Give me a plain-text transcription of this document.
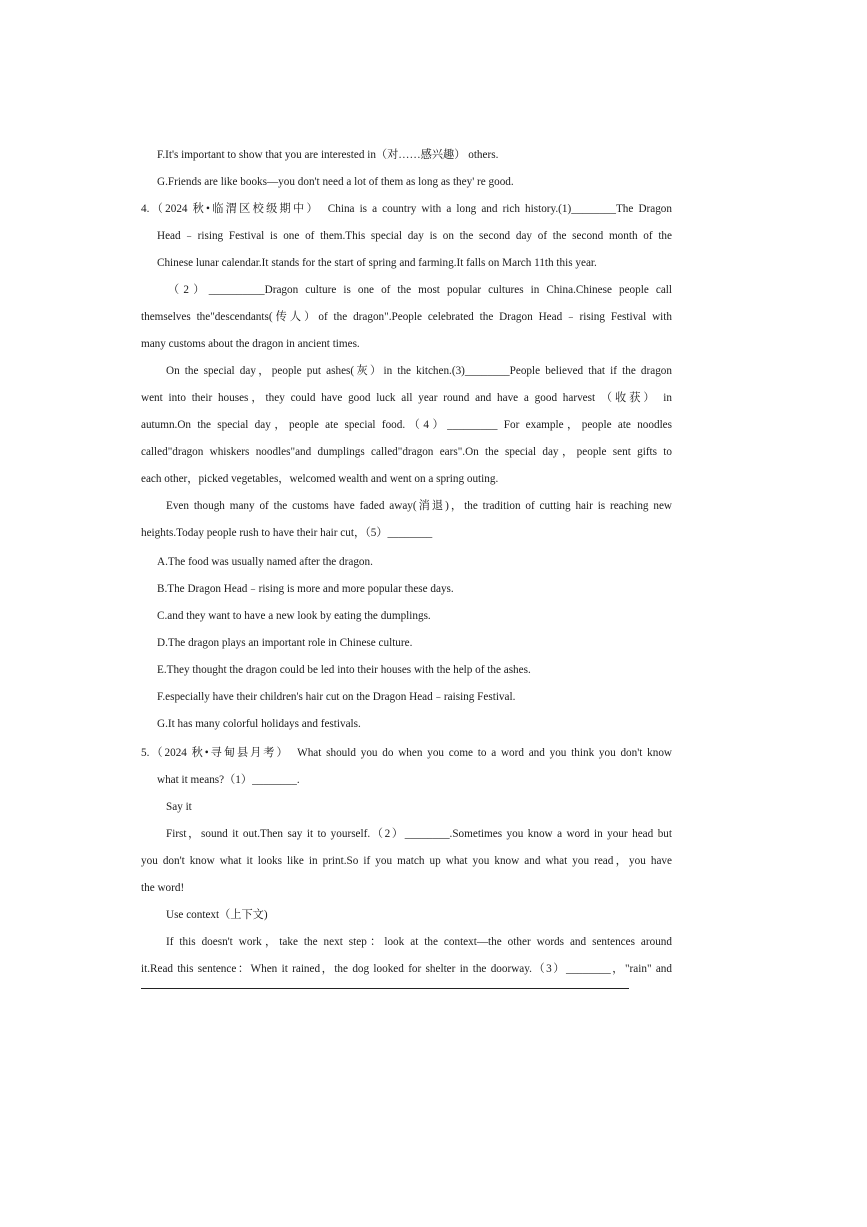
F.It's important to show that you are interested in（对……感兴趣） others.
G.Friends are like books—you don't need a lot of them as long as they' re good.
4.（2024 秋•临渭区校级期中）　China is a country with a long and rich history.(1)________The Dragon
Head﹣rising Festival is one of them.This special day is on the second day of the second month of the
Chinese lunar calendar.It stands for the start of spring and farming.It falls on March 11th this year.
（2）__________Dragon culture is one of the most popular cultures in China.Chinese people call
themselves the"descendants(传人）of the dragon".People celebrated the Dragon Head﹣rising Festival with
many customs about the dragon in ancient times.
On the special day，people put ashes(灰）in the kitchen.(3)________People believed that if the dragon
went into their houses，they could have good luck all year round and have a good harvest （收获） in
autumn.On the special day，people ate special food.（4）_________ For example，people ate noodles
called"dragon whiskers noodles"and dumplings called"dragon ears".On the special day，people sent gifts to
each other，picked vegetables，welcomed wealth and went on a spring outing.
Even though many of the customs have faded away(消退)，the tradition of cutting hair is reaching new
heights.Today people rush to have their hair cut，（5）________
A.The food was usually named after the dragon.
B.The Dragon Head﹣rising is more and more popular these days.
C.and they want to have a new look by eating the dumplings.
D.The dragon plays an important role in Chinese culture.
E.They thought the dragon could be led into their houses with the help of the ashes.
F.especially have their children's hair cut on the Dragon Head﹣raising Festival.
G.It has many colorful holidays and festivals.
5.（2024 秋•寻甸县月考）　What should you do when you come to a word and you think you don't know
what it means?（1）________.
Say it
First，sound it out.Then say it to yourself.（2）________.Sometimes you know a word in your head but
you don't know what it looks like in print.So if you match up what you know and what you read，you have
the word!
Use context（上下文)
If this doesn't work，take the next step：look at the context—the other words and sentences around
it.Read this sentence：When it rained，the dog looked for shelter in the doorway.（3）________，"rain" and
